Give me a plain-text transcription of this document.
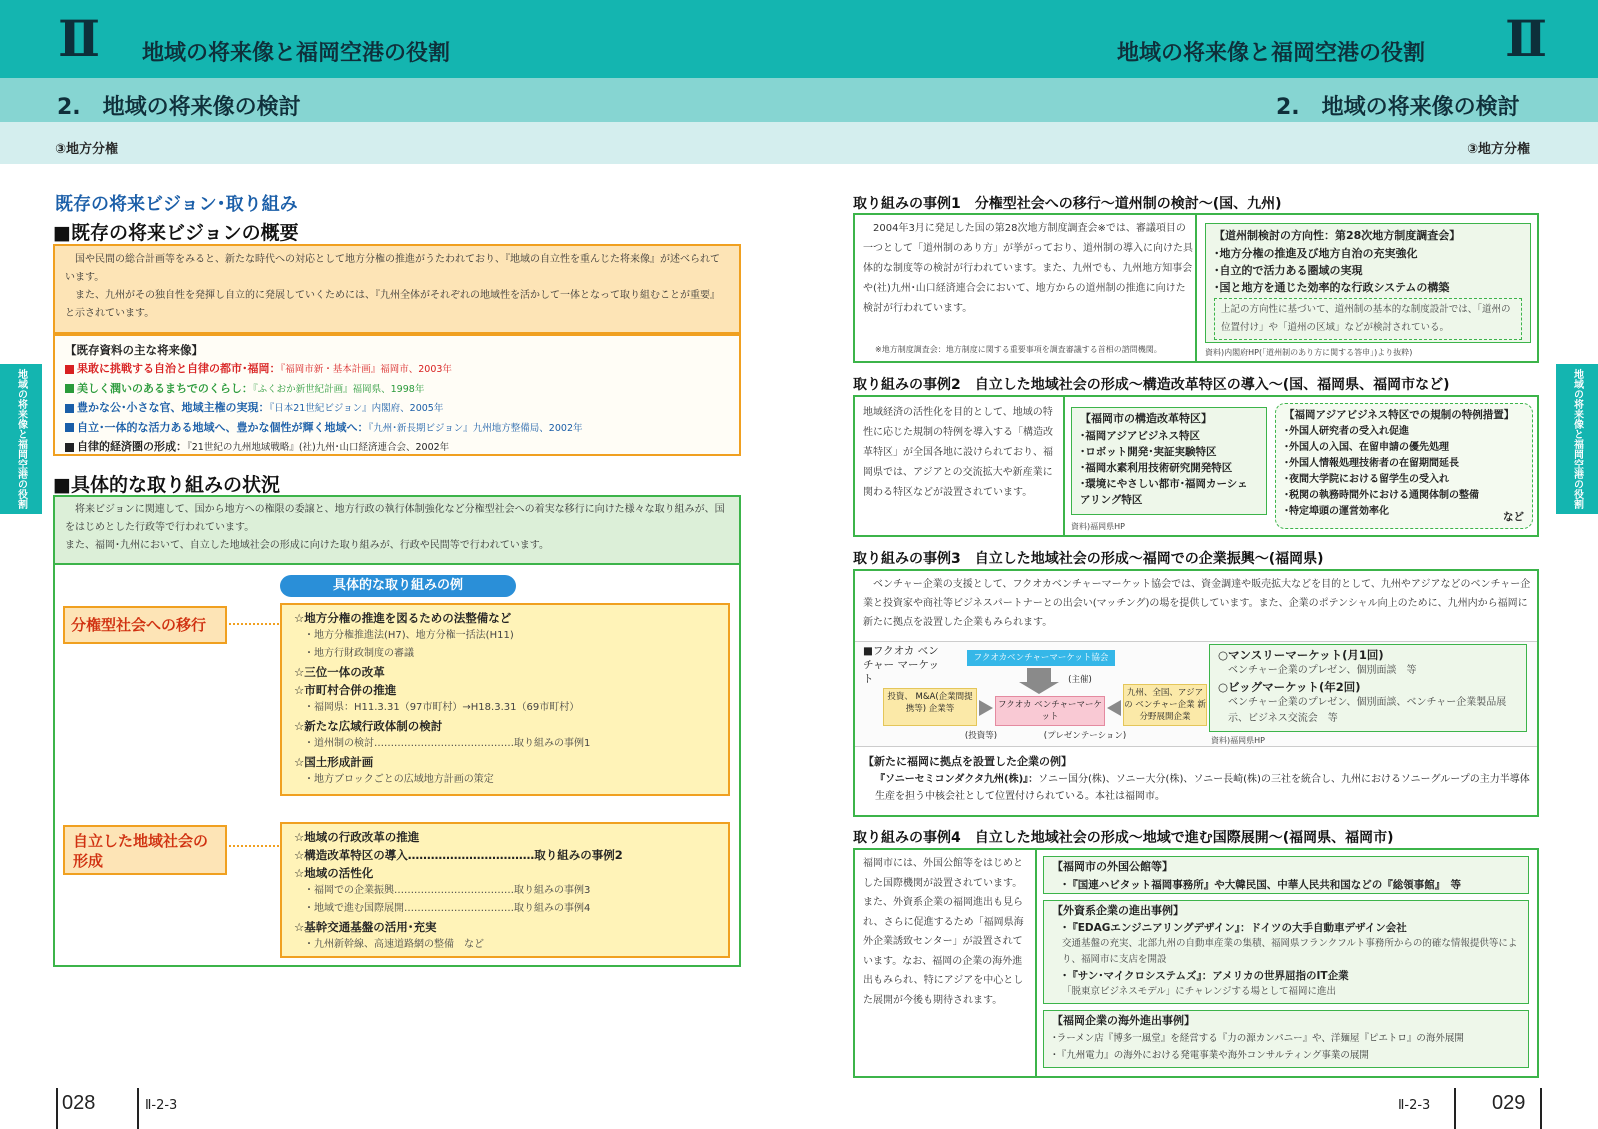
Ⅱ 地域の将来像と福岡空港の役割
2.　地域の将来像の検討
③地方分権
地域の将来像と福岡空港の役割 Ⅱ
2.　地域の将来像の検討
③地方分権
地域の将来像と福岡空港の役割	地域の将来像と福岡空港の役割
既存の将来ビジョン･取り組み
■既存の将来ビジョンの概要
　国や民間の総合計画等をみると、新たな時代への対応として地方分権の推進がうたわれており、『地域の自立性を重んじた将来像』が述べられています。
　また、九州がその独自性を発揮し自立的に発展していくためには、『九州全体がそれぞれの地域性を活かして一体となって取り組むことが重要』と示されています。
【既存資料の主な将来像】
果敢に挑戦する自治と自律の都市･福岡：『福岡市新・基本計画』福岡市、2003年
美しく潤いのあるまちでのくらし：『ふくおか新世紀計画』福岡県、1998年
豊かな公･小さな官、地域主権の実現：『日本21世紀ビジョン』内閣府、2005年
自立･一体的な活力ある地域へ、豊かな個性が輝く地域へ：『九州･新長期ビジョン』九州地方整備局、2002年
自律的経済圏の形成：『21世紀の九州地域戦略』(社)九州･山口経済連合会、2002年
■具体的な取り組みの状況
　将来ビジョンに関連して、国から地方への権限の委譲と、地方行政の執行体制強化など分権型社会への着実な移行に向けた様々な取り組みが、国をはじめとした行政等で行われています。
また、福岡･九州において、自立した地域社会の形成に向けた取り組みが、行政や民間等で行われています。
具体的な取り組みの例
分権型社会への移行	☆地方分権の推進を図るための法整備など
・地方分権推進法(H7)、地方分権一括法(H11)
・地方行財政制度の審議
☆三位一体の改革
☆市町村合併の推進
・福岡県：H11.3.31（97市町村）→H18.3.31（69市町村）
☆新たな広域行政体制の検討
・道州制の検討……………………………………取り組みの事例1
☆国土形成計画
・地方ブロックごとの広域地方計画の策定
自立した地域社会の形成
☆地域の行政改革の推進
☆構造改革特区の導入……………………………取り組みの事例2
☆地域の活性化
・福岡での企業振興………………………………取り組みの事例3
・地域で進む国際展開……………………………取り組みの事例4
☆基幹交通基盤の活用･充実
・九州新幹線、高速道路網の整備　など
028	Ⅱ-2-3
取り組みの事例1　分権型社会への移行～道州制の検討～(国、九州)
　2004年3月に発足した国の第28次地方制度調査会※では、審議項目の一つとして「道州制のあり方」が挙がっており、道州制の導入に向けた具体的な制度等の検討が行われています。また、九州でも、九州地方知事会や(社)九州･山口経済連合会において、地方からの道州制の推進に向けた検討が行われています。
※地方制度調査会：地方制度に関する重要事項を調査審議する首相の諮問機関。
【道州制検討の方向性：第28次地方制度調査会】
･地方分権の推進及び地方自治の充実強化
･自立的で活力ある圏域の実現
･国と地方を通じた効率的な行政システムの構築
上記の方向性に基づいて、道州制の基本的な制度設計では、「道州の位置付け」や「道州の区域」などが検討されている。
資料)内閣府HP(「道州制のあり方に関する答申」)より抜粋)
取り組みの事例2　自立した地域社会の形成～構造改革特区の導入～(国、福岡県、福岡市など)
地域経済の活性化を目的として、地域の特性に応じた規制の特例を導入する「構造改革特区」が全国各地に設けられており、福岡県では、アジアとの交流拡大や新産業に関わる特区などが設置されています。
【福岡市の構造改革特区】
･福岡アジアビジネス特区
･ロボット開発･実証実験特区
･福岡水素利用技術研究開発特区
･環境にやさしい都市･福岡カーシェアリング特区
【福岡アジアビジネス特区での規制の特例措置】
･外国人研究者の受入れ促進
･外国人の入国、在留申請の優先処理
･外国人情報処理技術者の在留期間延長
･夜間大学院における留学生の受入れ
･税関の執務時間外における通関体制の整備
･特定埠頭の運営効率化	など
資料)福岡県HP
取り組みの事例3　自立した地域社会の形成～福岡での企業振興～(福岡県)
　ベンチャー企業の支援として、フクオカベンチャーマーケット協会では、資金調達や販売拡大などを目的として、九州やアジアなどのベンチャー企業と投資家や商社等ビジネスパートナーとの出会い(マッチング)の場を提供しています。また、企業のポテンシャル向上のために、九州内から福岡に新たに拠点を設置した企業もみられます。
■フクオカ ベンチャー マーケット
フクオカベンチャーマーケット協会
(主催)
投資、 M&A(企業間提携等) 企業等	フクオカ ベンチャーマーケット
九州、全国、アジアの ベンチャー企業 新分野展開企業
(投資等)	(プレゼンテーション)
○マンスリーマーケット(月1回)
ベンチャー企業のプレゼン、個別面談　等
○ビッグマーケット(年2回)
ベンチャー企業のプレゼン、個別面談、ベンチャー企業製品展示、ビジネス交流会　等
資料)福岡県HP
【新たに福岡に拠点を設置した企業の例】
『ソニーセミコンダクタ九州(株)』：ソニー国分(株)、ソニー大分(株)、ソニー長崎(株)の三社を統合し、九州におけるソニーグループの主力半導体生産を担う中核会社として位置付けられている。本社は福岡市。
取り組みの事例4　自立した地域社会の形成～地域で進む国際展開～(福岡県、福岡市)
福岡市には、外国公館等をはじめとした国際機関が設置されています。また、外資系企業の福岡進出も見られ、さらに促進するため「福岡県海外企業誘致センター」が設置されています。なお、福岡の企業の海外進出もみられ、特にアジアを中心とした展開が今後も期待されます。
【福岡市の外国公館等】
･『国連ハビタット福岡事務所』や大韓民国、中華人民共和国などの『総領事館』　等
【外資系企業の進出事例】
･『EDAGエンジニアリングデザイン』：ドイツの大手自動車デザイン会社
交通基盤の充実、北部九州の自動車産業の集積、福岡県フランクフルト事務所からの的確な情報提供等により、福岡市に支店を開設
･『サン･マイクロシステムズ』：アメリカの世界屈指のIT企業
「脱東京ビジネスモデル」にチャレンジする場として福岡に進出
【福岡企業の海外進出事例】
･ラーメン店『博多一風堂』を経営する『力の源カンパニー』や、洋麺屋『ピエトロ』の海外展開
･『九州電力』の海外における発電事業や海外コンサルティング事業の展開
Ⅱ-2-3	029
